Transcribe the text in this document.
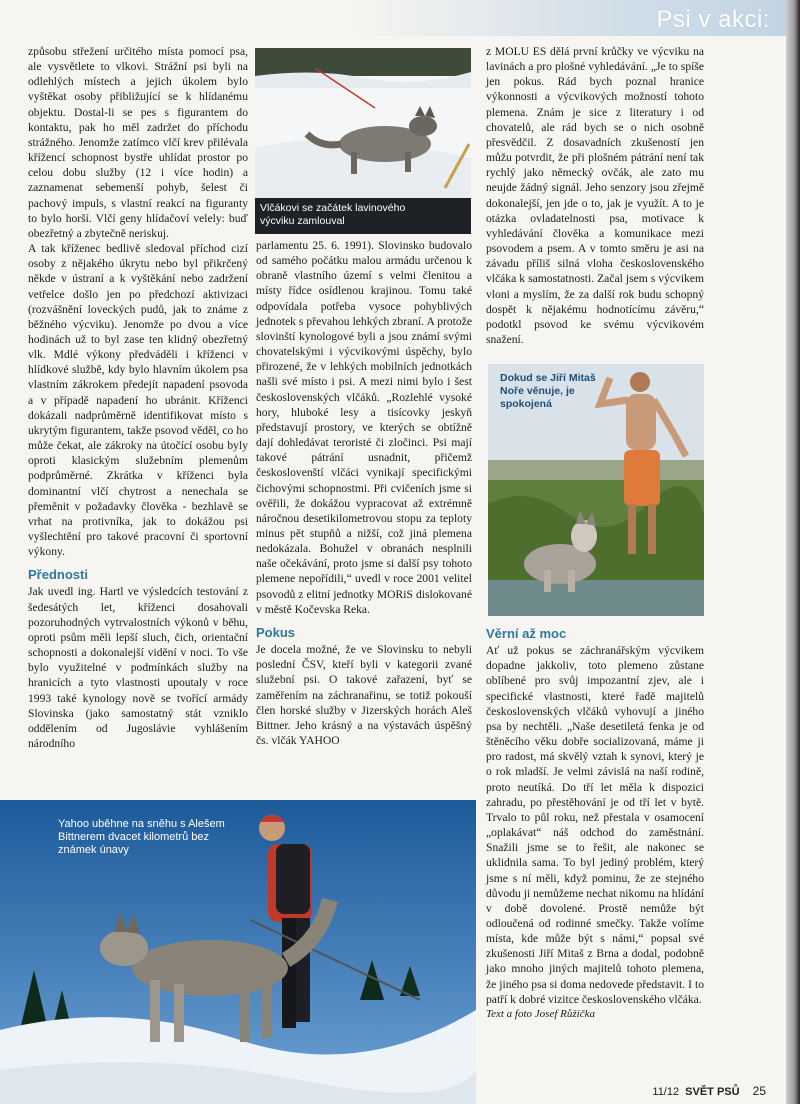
Psi v akci:

způsobu střežení určitého místa pomocí psa, ale vysvětlete to vlkovi. Strážní psi byli na odlehlých místech a jejich úkolem bylo vyštěkat osoby přibližující se k hlídanému objektu. Dostal-li se pes s figurantem do kontaktu, pak ho měl zadržet do příchodu strážného. Jenomže zatímco vlčí krev přilévala křížencí schopnost bystře uhlídat prostor po celou dobu služby (12 i více hodin) a zaznamenat sebemenší pohyb, šelest či pachový impuls, s vlastní reakcí na figuranty to bylo horší. Vlčí geny hlídačoví velely: buď obezřetný a zbytečně neriskuj.

A tak kříženec bedlivě sledoval příchod cizí osoby z nějakého úkrytu nebo byl přikrčený někde v ústraní a k vyštěkání nebo zadržení vetřelce došlo jen po předchozí aktivizaci (rozvášnění loveckých pudů, jak to známe z běžného výcviku). Jenomže po dvou a více hodinách už to byl zase ten klidný obezřetný vlk. Mdlé výkony předváděli i kříženci v hlídkové službě, kdy bylo hlavním úkolem psa vlastním zákrokem předejít napadení psovoda a v případě napadení ho ubránit. Kříženci dokázali nadprůměrně identifikovat místo s ukrytým figurantem, takže psovod věděl, co ho může čekat, ale zákroky na útočící osobu byly oproti klasickým služebním plemenům podprůměrné. Zkrátka v kříženci byla dominantní vlčí chytrost a nenechala se přeměnit v požadavky člověka - bezhlavě se vrhat na protivníka, jak to dokážou psi vyšlechtění pro takové pracovní či sportovní výkony.

Přednosti

Jak uvedl ing. Hartl ve výsledcích testování z šedesátých let, kříženci dosahovali pozoruhodných vytrvalostních výkonů v běhu, oproti psům měli lepší sluch, čich, orientační schopnosti a dokonalejší vidění v noci. To vše bylo využitelné v podmínkách služby na hranicích a tyto vlastnosti upoutaly v roce 1993 také kynology nově se tvořící armády Slovinska (jako samostatný stát vzniklo oddělením od Jugoslávie vyhlášením národního

Vlčákovi se začátek lavinového výcviku zamlouval

parlamentu 25. 6. 1991). Slovinsko budovalo od samého počátku malou armádu určenou k obraně vlastního území s velmi členitou a místy řídce osídlenou krajinou. Tomu také odpovídala potřeba vysoce pohyblivých jednotek s převahou lehkých zbraní. A protože slovinští kynologové byli a jsou známí svými chovatelskými i výcvikovými úspěchy, bylo přirozené, že v lehkých mobilních jednotkách našli své místo i psi. A mezi nimi bylo i šest československých vlčáků. „Rozlehlé vysoké hory, hluboké lesy a tisícovky jeskyň představují prostory, ve kterých se obtížně dají dohledávat teroristé či zločinci. Psi mají takové pátrání usnadnit, přičemž českoslovenští vlčáci vynikají specifickými čichovými schopnostmi. Při cvičeních jsme si ověřili, že dokážou vypracovat až extrémně náročnou desetikilometrovou stopu za teploty minus pět stupňů a nižší, což jiná plemena nedokázala. Bohužel v obranách nesplnili naše očekávání, proto jsme si další psy tohoto plemene nepořídili,“ uvedl v roce 2001 velitel psovodů z elitní jednotky MORiS dislokované v městě Kočevska Reka.

Pokus

Je docela možné, že ve Slovinsku to nebyli poslední ČSV, kteří byli v kategorii zvané služební psi. O takové zařazení, byť se zaměřením na záchranařinu, se totiž pokouší člen horské služby v Jizerských horách Aleš Bittner. Jeho krásný a na výstavách úspěšný čs. vlčák YAHOO

z MOLU ES dělá první krůčky ve výcviku na lavinách a pro plošné vyhledávání. „Je to spíše jen pokus. Rád bych poznal hranice výkonnosti a výcvikových možností tohoto plemena. Znám je sice z literatury i od chovatelů, ale rád bych se o nich osobně přesvědčil. Z dosavadních zkušeností jen můžu potvrdit, že při plošném pátrání není tak rychlý jako německý ovčák, ale zato mu neujde žádný signál. Jeho senzory jsou zřejmě dokonalejší, jen jde o to, jak je využít. A to je otázka ovladatelnosti psa, motivace k vyhledávání člověka a komunikace mezi psovodem a psem. A v tomto směru je asi na závadu příliš silná vloha československého vlčáka k samostatnosti. Začal jsem s výcvikem vloni a myslím, že za další rok budu schopný dospět k nějakému hodnotícímu závěru,“ podotkl psovod ke svému výcvikovém snažení.

Dokud se Jiří Mitaš Noře věnuje, je spokojená
Věrní až moc

Ať už pokus se záchranářským výcvikem dopadne jakkoliv, toto plemeno zůstane oblíbené pro svůj impozantní zjev, ale i specifické vlastnosti, které řadě majitelů československých vlčáků vyhovují a jiného psa by nechtěli. „Naše desetiletá fenka je od štěněcího věku dobře socializovaná, máme ji pro radost, má skvělý vztah k synovi, který je o rok mladší. Je velmi závislá na naší rodině, proto neutíká. Do tří let měla k dispozici zahradu, po přestěhování je od tří let v bytě. Trvalo to půl roku, než přestala v osamocení „oplakávat“ náš odchod do zaměstnání. Snažili jsme se to řešit, ale nakonec se uklidnila sama. To byl jediný problém, který jsme s ní měli, když pominu, že ze stejného důvodu ji nemůžeme nechat nikomu na hlídání v době dovolené. Prostě nemůže být odloučená od rodinné smečky. Takže volíme místa, kde může být s námi,“ popsal své zkušenosti Jiří Mitaš z Brna a dodal, podobně jako mnoho jiných majitelů tohoto plemena, že jiného psa si doma nedovede představit. I to patří k dobré vizitce československého vlčáka.

Text a foto Josef Růžička

Yahoo uběhne na sněhu s Alešem Bittnerem dvacet kilometrů bez známek únavy
11/12 SVĚT PSŮ 25
